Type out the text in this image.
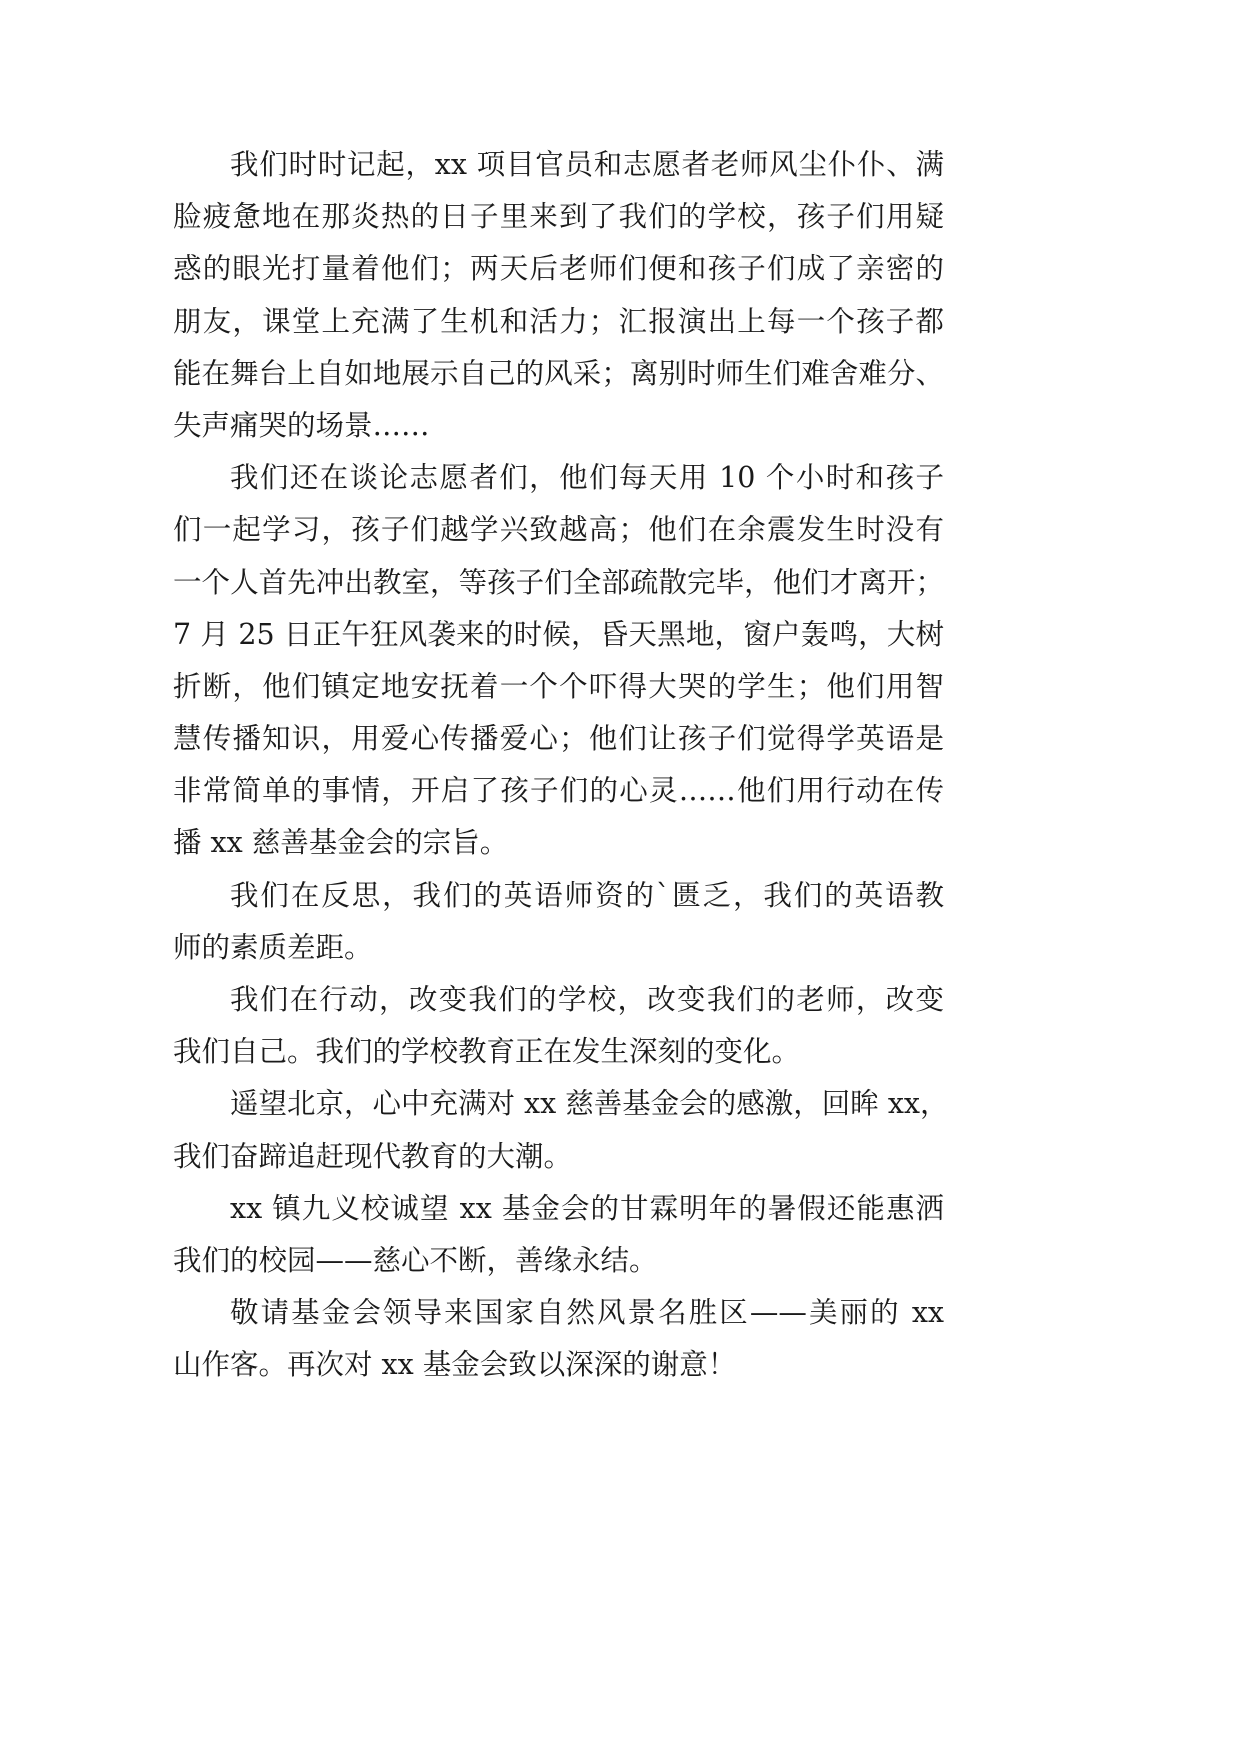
我们时时记起，xx 项目官员和志愿者老师风尘仆仆、满
脸疲惫地在那炎热的日子里来到了我们的学校，孩子们用疑
惑的眼光打量着他们；两天后老师们便和孩子们成了亲密的
朋友，课堂上充满了生机和活力；汇报演出上每一个孩子都
能在舞台上自如地展示自己的风采；离别时师生们难舍难分、
失声痛哭的场景……
我们还在谈论志愿者们，他们每天用 10 个小时和孩子
们一起学习，孩子们越学兴致越高；他们在余震发生时没有
一个人首先冲出教室，等孩子们全部疏散完毕，他们才离开；
7 月 25 日正午狂风袭来的时候，昏天黑地，窗户轰鸣，大树
折断，他们镇定地安抚着一个个吓得大哭的学生；他们用智
慧传播知识，用爱心传播爱心；他们让孩子们觉得学英语是
非常简单的事情，开启了孩子们的心灵……他们用行动在传
播 xx 慈善基金会的宗旨。
我们在反思，我们的英语师资的`匮乏，我们的英语教
师的素质差距。
我们在行动，改变我们的学校，改变我们的老师，改变
我们自己。我们的学校教育正在发生深刻的变化。
遥望北京，心中充满对 xx 慈善基金会的感激，回眸 xx，
我们奋蹄追赶现代教育的大潮。
xx 镇九义校诚望 xx 基金会的甘霖明年的暑假还能惠洒
我们的校园——慈心不断，善缘永结。
敬请基金会领导来国家自然风景名胜区——美丽的 xx
山作客。再次对 xx 基金会致以深深的谢意！
